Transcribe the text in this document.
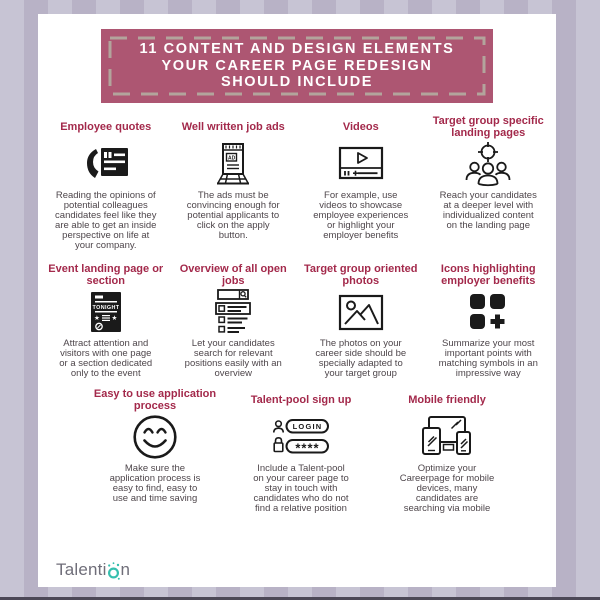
11 CONTENT AND DESIGN ELEMENTS
YOUR CAREER PAGE REDESIGN
SHOULD INCLUDE
Employee quotes
Reading the opinions of potential colleagues candidates feel like they are able to get an inside perspective on life at your company.
Well written job ads
AD
The ads must be convincing enough for potential applicants to click on the apply button.
Videos
For example, use videos to showcase employee experiences or highlight your employer benefits
Target group specific landing pages
Reach your candidates at a deeper level with individualized content on the landing page
Event landing page or section
TONIGHT
★ ★
Attract attention and visitors with one page or a section dedicated only to the event
Overview of all open jobs
Let your candidates search for relevant positions easily with an overview
Target group oriented photos
The photos on your career side should be specially adapted to your target group
Icons highlighting employer benefits
Summarize your most important points with matching symbols in an impressive way
Easy to use application process
Make sure the application process is easy to find, easy to use and time saving
Talent-pool sign up
LOGIN
****
Include a Talent-pool on your career page to stay in touch with candidates who do not find a relative position
Mobile friendly
Optimize your Careerpage for mobile devices, many candidates are searching via mobile
Talenti n
